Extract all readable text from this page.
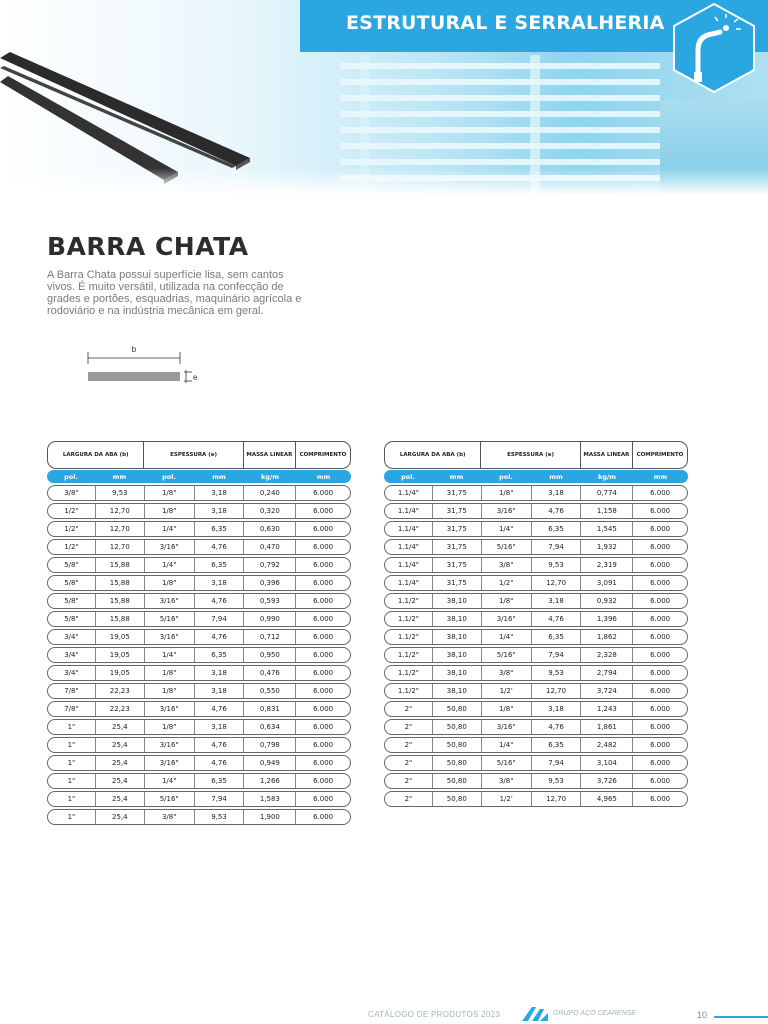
ESTRUTURAL E SERRALHERIA
BARRA CHATA
A Barra Chata possui superfície lisa, sem cantos vivos. É muito versátil, utilizada na confecção de grades e portões, esquadrias, maquinário agrícola e rodoviário e na indústria mecânica em geral.
b
e
LARGURA DA ABA (b)	ESPESSURA (e)	MASSA LINEAR	COMPRIMENTO
pol.	mm	pol.	mm	kg/m	mm
3/8"	9,53	1/8"	3,18	0,240	6.000
1/2"	12,70	1/8"	3,18	0,320	6.000
1/2"	12,70	1/4"	6,35	0,630	6.000
1/2"	12,70	3/16"	4,76	0,470	6.000
5/8"	15,88	1/4"	6,35	0,792	6.000
5/8"	15,88	1/8"	3,18	0,396	6.000
5/8"	15,88	3/16"	4,76	0,593	6.000
5/8"	15,88	5/16"	7,94	0,990	6.000
3/4"	19,05	3/16"	4,76	0,712	6.000
3/4"	19,05	1/4"	6,35	0,950	6.000
3/4"	19,05	1/8"	3,18	0,476	6.000
7/8"	22,23	1/8"	3,18	0,550	6.000
7/8"	22,23	3/16"	4,76	0,831	6.000
1"	25,4	1/8"	3,18	0,634	6.000
1"	25,4	3/16"	4,76	0,798	6.000
1"	25,4	3/16"	4,76	0,949	6.000
1"	25,4	1/4"	6,35	1,266	6.000
1"	25,4	5/16"	7,94	1,583	6.000
1"	25,4	3/8"	9,53	1,900	6.000
LARGURA DA ABA (b)	ESPESSURA (e)	MASSA LINEAR	COMPRIMENTO
pol.	mm	pol.	mm	kg/m	mm
1.1/4"	31,75	1/8"	3,18	0,774	6.000
1.1/4"	31,75	3/16"	4,76	1,158	6.000
1.1/4"	31,75	1/4"	6,35	1,545	6.000
1.1/4"	31,75	5/16"	7,94	1,932	6.000
1.1/4"	31,75	3/8"	9,53	2,319	6.000
1.1/4"	31,75	1/2"	12,70	3,091	6.000
1.1/2"	38,10	1/8"	3,18	0,932	6.000
1.1/2"	38,10	3/16"	4,76	1,396	6.000
1.1/2"	38,10	1/4"	6,35	1,862	6.000
1.1/2"	38,10	5/16"	7,94	2,328	6.000
1.1/2"	38,10	3/8"	9,53	2,794	6.000
1.1/2"	38,10	1/2'	12,70	3,724	6.000
2"	50,80	1/8"	3,18	1,243	6.000
2"	50,80	3/16"	4,76	1,861	6.000
2"	50,80	1/4"	6,35	2,482	6.000
2"	50,80	5/16"	7,94	3,104	6.000
2"	50,80	3/8"	9,53	3,726	6.000
2"	50,80	1/2'	12,70	4,965	6.000
CATÁLOGO DE PRODUTOS 2023	GRUPO AÇO CEARENSE	10
